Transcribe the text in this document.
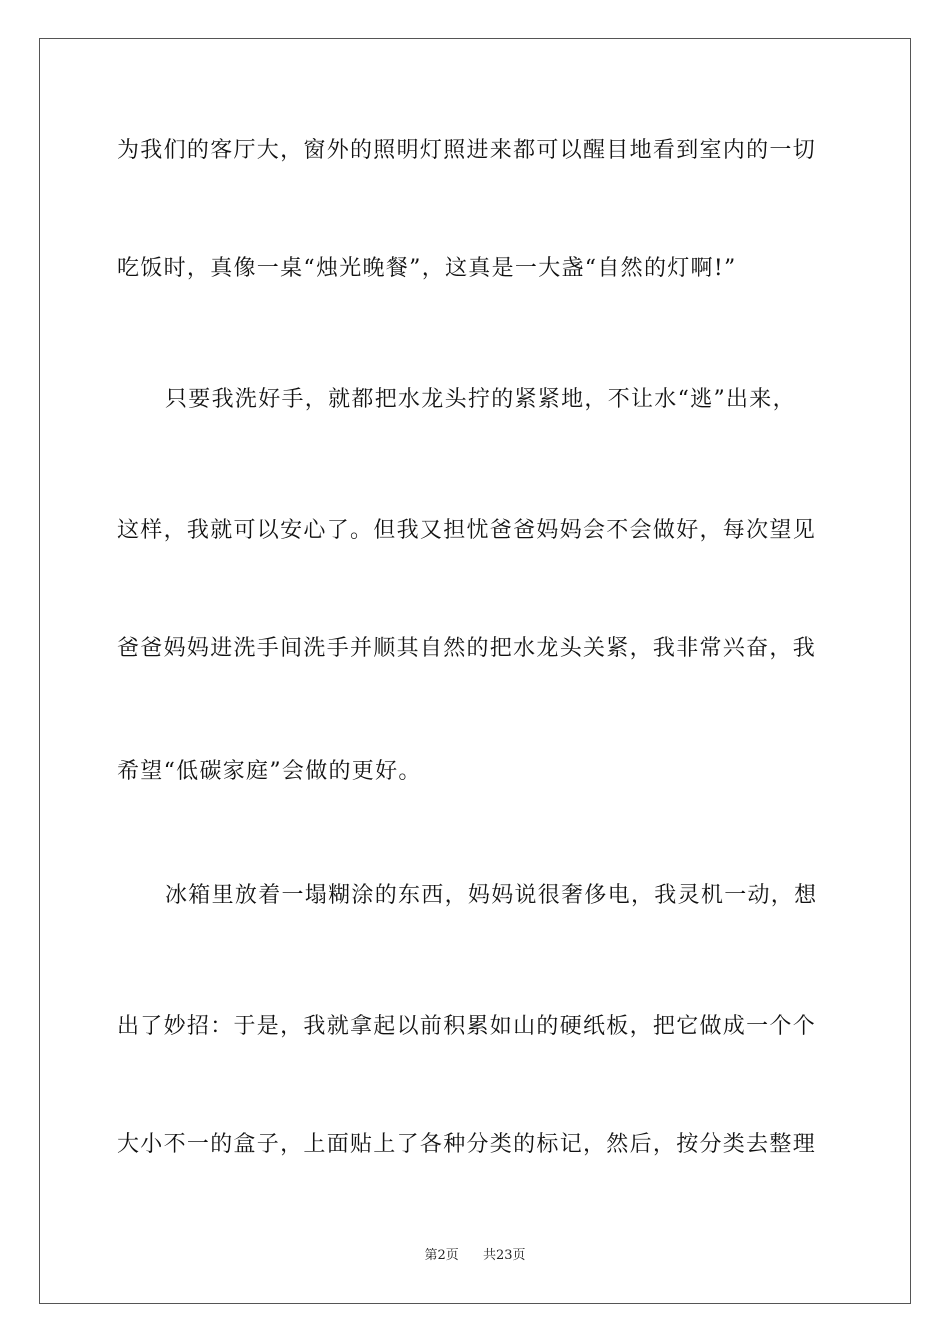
为我们的客厅大，窗外的照明灯照进来都可以醒目地看到室内的一切
吃饭时，真像一桌“烛光晚餐”，这真是一大盏“自然的灯啊!”
只要我洗好手，就都把水龙头拧的紧紧地，不让水“逃”出来，
这样，我就可以安心了。但我又担忧爸爸妈妈会不会做好，每次望见
爸爸妈妈进洗手间洗手并顺其自然的把水龙头关紧，我非常兴奋，我
希望“低碳家庭”会做的更好。
冰箱里放着一塌糊涂的东西，妈妈说很奢侈电，我灵机一动，想
出了妙招：于是，我就拿起以前积累如山的硬纸板，把它做成一个个
大小不一的盒子，上面贴上了各种分类的标记，然后，按分类去整理
第2页 共23页
